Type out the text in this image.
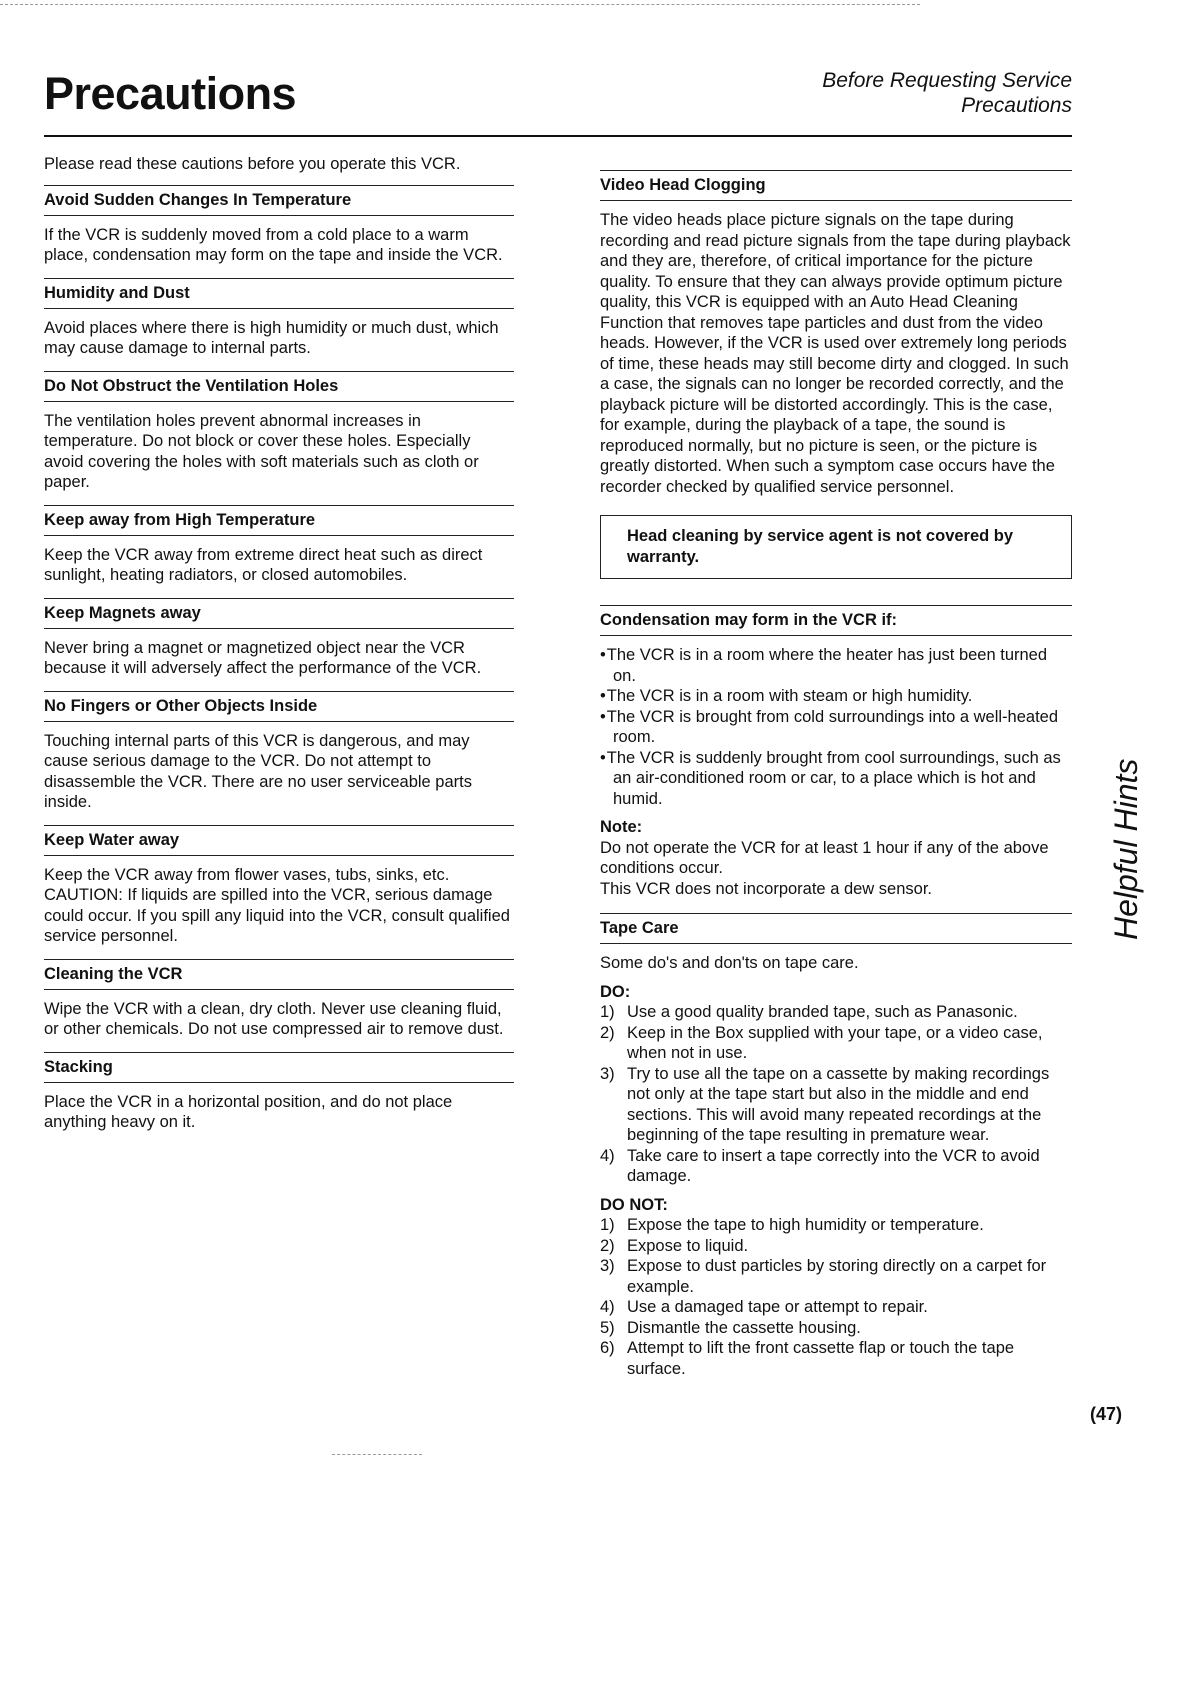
Precautions	Before Requesting Service
Precautions

Please read these cautions before you operate this VCR.

Avoid Sudden Changes In Temperature

If the VCR is suddenly moved from a cold place to a warm place, condensation may form on the tape and inside the VCR.

Humidity and Dust

Avoid places where there is high humidity or much dust, which may cause damage to internal parts.

Do Not Obstruct the Ventilation Holes

The ventilation holes prevent abnormal increases in temperature. Do not block or cover these holes. Especially avoid covering the holes with soft materials such as cloth or paper.

Keep away from High Temperature

Keep the VCR away from extreme direct heat such as direct sunlight, heating radiators, or closed automobiles.

Keep Magnets away

Never bring a magnet or magnetized object near the VCR because it will adversely affect the performance of the VCR.

No Fingers or Other Objects Inside

Touching internal parts of this VCR is dangerous, and may cause serious damage to the VCR. Do not attempt to disassemble the VCR. There are no user serviceable parts inside.

Keep Water away

Keep the VCR away from flower vases, tubs, sinks, etc. CAUTION: If liquids are spilled into the VCR, serious damage could occur. If you spill any liquid into the VCR, consult qualified service personnel.

Cleaning the VCR

Wipe the VCR with a clean, dry cloth. Never use cleaning fluid, or other chemicals. Do not use compressed air to remove dust.

Stacking

Place the VCR in a horizontal position, and do not place anything heavy on it.

Video Head Clogging

The video heads place picture signals on the tape during recording and read picture signals from the tape during playback and they are, therefore, of critical importance for the picture quality. To ensure that they can always provide optimum picture quality, this VCR is equipped with an Auto Head Cleaning Function that removes tape particles and dust from the video heads. However, if the VCR is used over extremely long periods of time, these heads may still become dirty and clogged. In such a case, the signals can no longer be recorded correctly, and the playback picture will be distorted accordingly. This is the case, for example, during the playback of a tape, the sound is reproduced normally, but no picture is seen, or the picture is greatly distorted. When such a symptom case occurs have the recorder checked by qualified service personnel.

Head cleaning by service agent is not covered by warranty.
Condensation may form in the VCR if:
• The VCR is in a room where the heater has just been turned on.
• The VCR is in a room with steam or high humidity.
• The VCR is brought from cold surroundings into a well-heated room.
• The VCR is suddenly brought from cool surroundings, such as an air-conditioned room or car, to a place which is hot and humid.

Note:

Do not operate the VCR for at least 1 hour if any of the above conditions occur.

This VCR does not incorporate a dew sensor.

Tape Care

Some do's and don'ts on tape care.

DO:

1) Use a good quality branded tape, such as Panasonic.
2) Keep in the Box supplied with your tape, or a video case, when not in use.
3) Try to use all the tape on a cassette by making recordings not only at the tape start but also in the middle and end sections. This will avoid many repeated recordings at the beginning of the tape resulting in premature wear.
4) Take care to insert a tape correctly into the VCR to avoid damage.

DO NOT:

1) Expose the tape to high humidity or temperature.
2) Expose to liquid.
3) Expose to dust particles by storing directly on a carpet for example.
4) Use a damaged tape or attempt to repair.
5) Dismantle the cassette housing.
6) Attempt to lift the front cassette flap or touch the tape surface.
Helpful Hints
(47)
